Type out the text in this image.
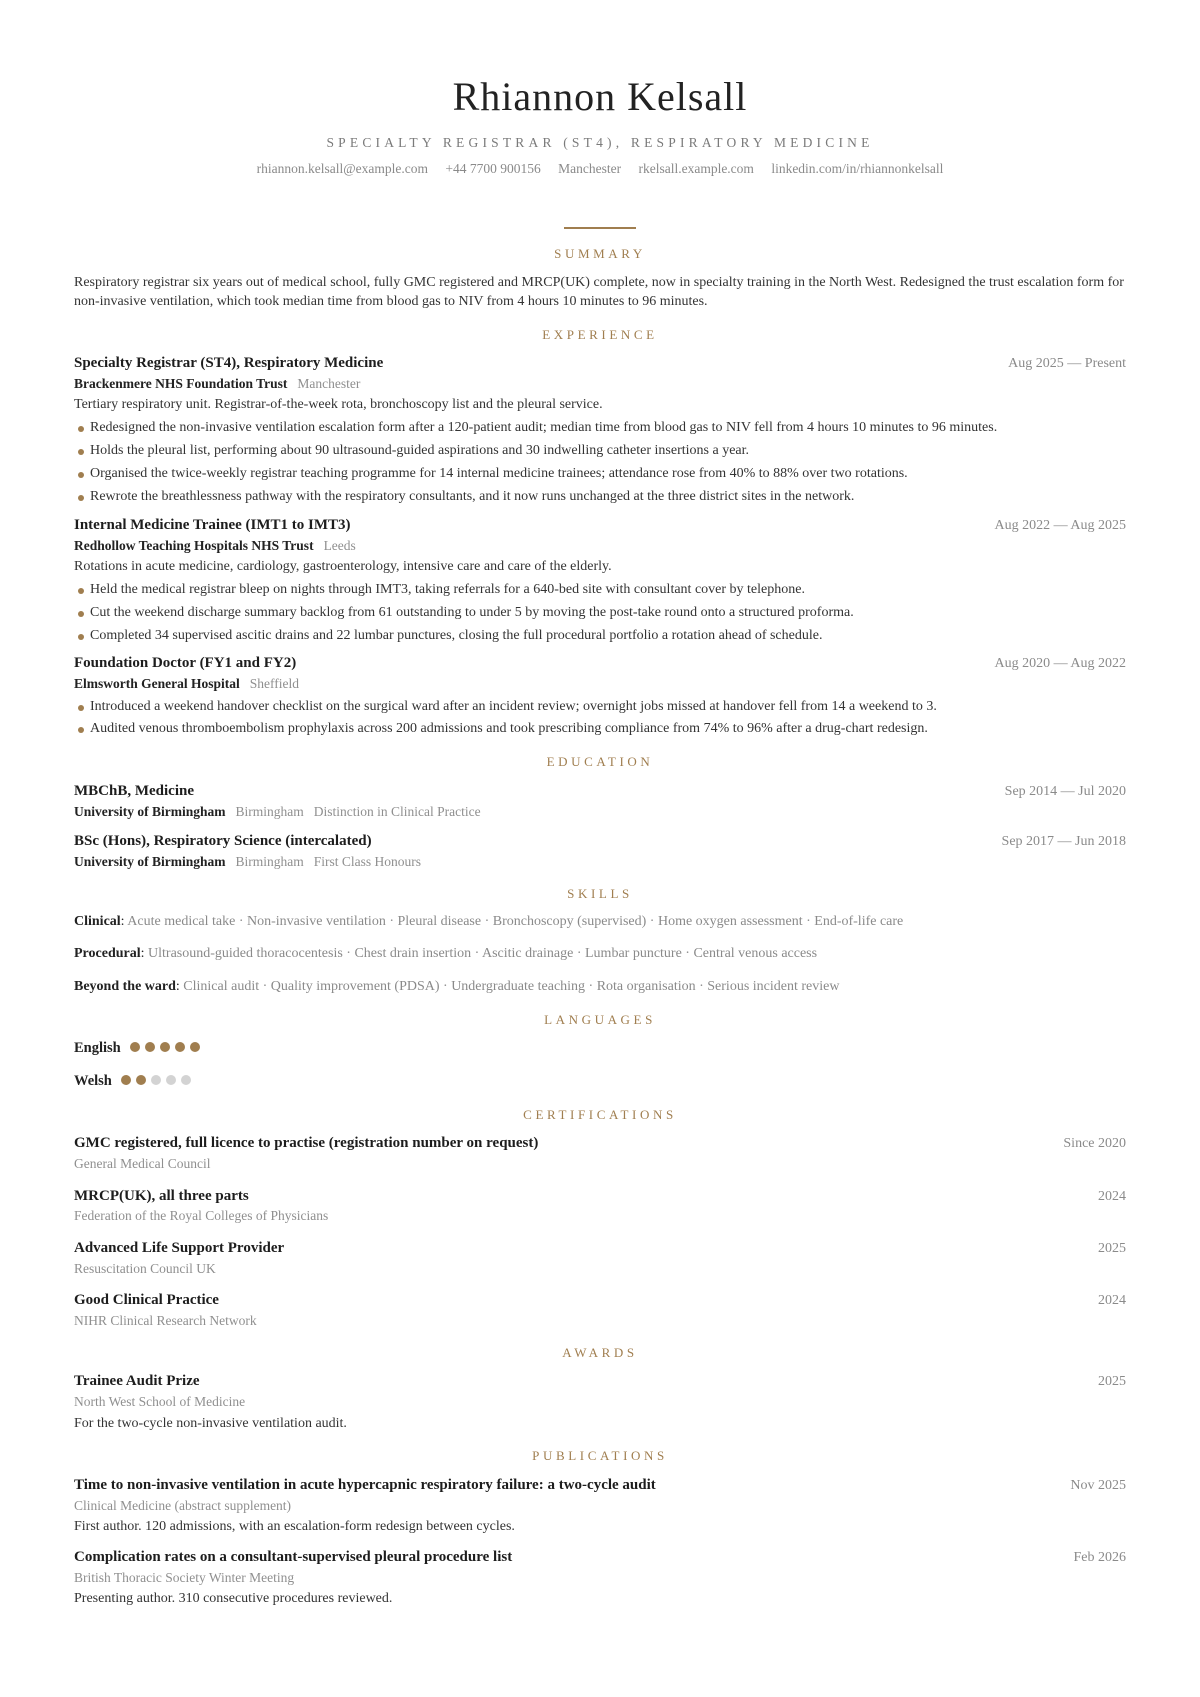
Rhiannon Kelsall
SPECIALTY REGISTRAR (ST4), RESPIRATORY MEDICINE
rhiannon.kelsall@example.com +44 7700 900156 Manchester rkelsall.example.com linkedin.com/in/rhiannonkelsall
SUMMARY

Respiratory registrar six years out of medical school, fully GMC registered and MRCP(UK) complete, now in specialty training in the North West. Redesigned the trust escalation form for non-invasive ventilation, which took median time from blood gas to NIV from 4 hours 10 minutes to 96 minutes.

EXPERIENCE
Specialty Registrar (ST4), Respiratory Medicine	Aug 2025 — Present
Brackenmere NHS Foundation Trust Manchester
Tertiary respiratory unit. Registrar-of-the-week rota, bronchoscopy list and the pleural service.
Redesigned the non-invasive ventilation escalation form after a 120-patient audit; median time from blood gas to NIV fell from 4 hours 10 minutes to 96 minutes.
Holds the pleural list, performing about 90 ultrasound-guided aspirations and 30 indwelling catheter insertions a year.
Organised the twice-weekly registrar teaching programme for 14 internal medicine trainees; attendance rose from 40% to 88% over two rotations.
Rewrote the breathlessness pathway with the respiratory consultants, and it now runs unchanged at the three district sites in the network.
Internal Medicine Trainee (IMT1 to IMT3)	Aug 2022 — Aug 2025
Redhollow Teaching Hospitals NHS Trust Leeds
Rotations in acute medicine, cardiology, gastroenterology, intensive care and care of the elderly.
Held the medical registrar bleep on nights through IMT3, taking referrals for a 640-bed site with consultant cover by telephone.
Cut the weekend discharge summary backlog from 61 outstanding to under 5 by moving the post-take round onto a structured proforma.
Completed 34 supervised ascitic drains and 22 lumbar punctures, closing the full procedural portfolio a rotation ahead of schedule.
Foundation Doctor (FY1 and FY2)	Aug 2020 — Aug 2022
Elmsworth General Hospital Sheffield
Introduced a weekend handover checklist on the surgical ward after an incident review; overnight jobs missed at handover fell from 14 a weekend to 3.
Audited venous thromboembolism prophylaxis across 200 admissions and took prescribing compliance from 74% to 96% after a drug-chart redesign.
EDUCATION
MBChB, Medicine	Sep 2014 — Jul 2020
University of Birmingham Birmingham Distinction in Clinical Practice
BSc (Hons), Respiratory Science (intercalated)	Sep 2017 — Jun 2018
University of Birmingham Birmingham First Class Honours
SKILLS
Clinical: Acute medical take · Non-invasive ventilation · Pleural disease · Bronchoscopy (supervised) · Home oxygen assessment · End-of-life care
Procedural: Ultrasound-guided thoracocentesis · Chest drain insertion · Ascitic drainage · Lumbar puncture · Central venous access
Beyond the ward: Clinical audit · Quality improvement (PDSA) · Undergraduate teaching · Rota organisation · Serious incident review
LANGUAGES
English
Welsh
CERTIFICATIONS
GMC registered, full licence to practise (registration number on request)	Since 2020
General Medical Council
MRCP(UK), all three parts	2024
Federation of the Royal Colleges of Physicians
Advanced Life Support Provider	2025
Resuscitation Council UK
Good Clinical Practice	2024
NIHR Clinical Research Network
AWARDS
Trainee Audit Prize	2025
North West School of Medicine
For the two-cycle non-invasive ventilation audit.
PUBLICATIONS
Time to non-invasive ventilation in acute hypercapnic respiratory failure: a two-cycle audit	Nov 2025
Clinical Medicine (abstract supplement)
First author. 120 admissions, with an escalation-form redesign between cycles.
Complication rates on a consultant-supervised pleural procedure list	Feb 2026
British Thoracic Society Winter Meeting
Presenting author. 310 consecutive procedures reviewed.
